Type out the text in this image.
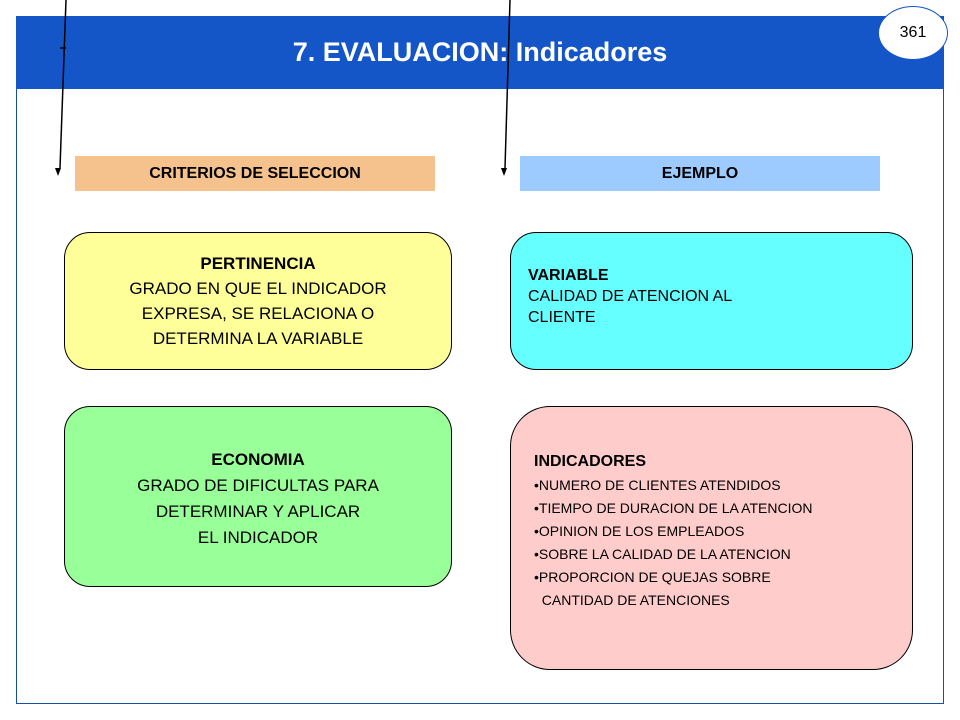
7. EVALUACION: Indicadores
361
CRITERIOS DE SELECCION	EJEMPLO
PERTINENCIA
GRADO EN QUE EL INDICADOR
EXPRESA, SE RELACIONA O
DETERMINA LA VARIABLE
VARIABLE
CALIDAD DE ATENCION AL
CLIENTE
ECONOMIA
GRADO DE DIFICULTAS PARA
DETERMINAR Y APLICAR
EL INDICADOR
INDICADORES
•NUMERO DE CLIENTES ATENDIDOS
•TIEMPO DE DURACION DE LA ATENCION
•OPINION DE LOS EMPLEADOS
•SOBRE LA CALIDAD DE LA ATENCION
•PROPORCION DE QUEJAS SOBRE
CANTIDAD DE ATENCIONES
